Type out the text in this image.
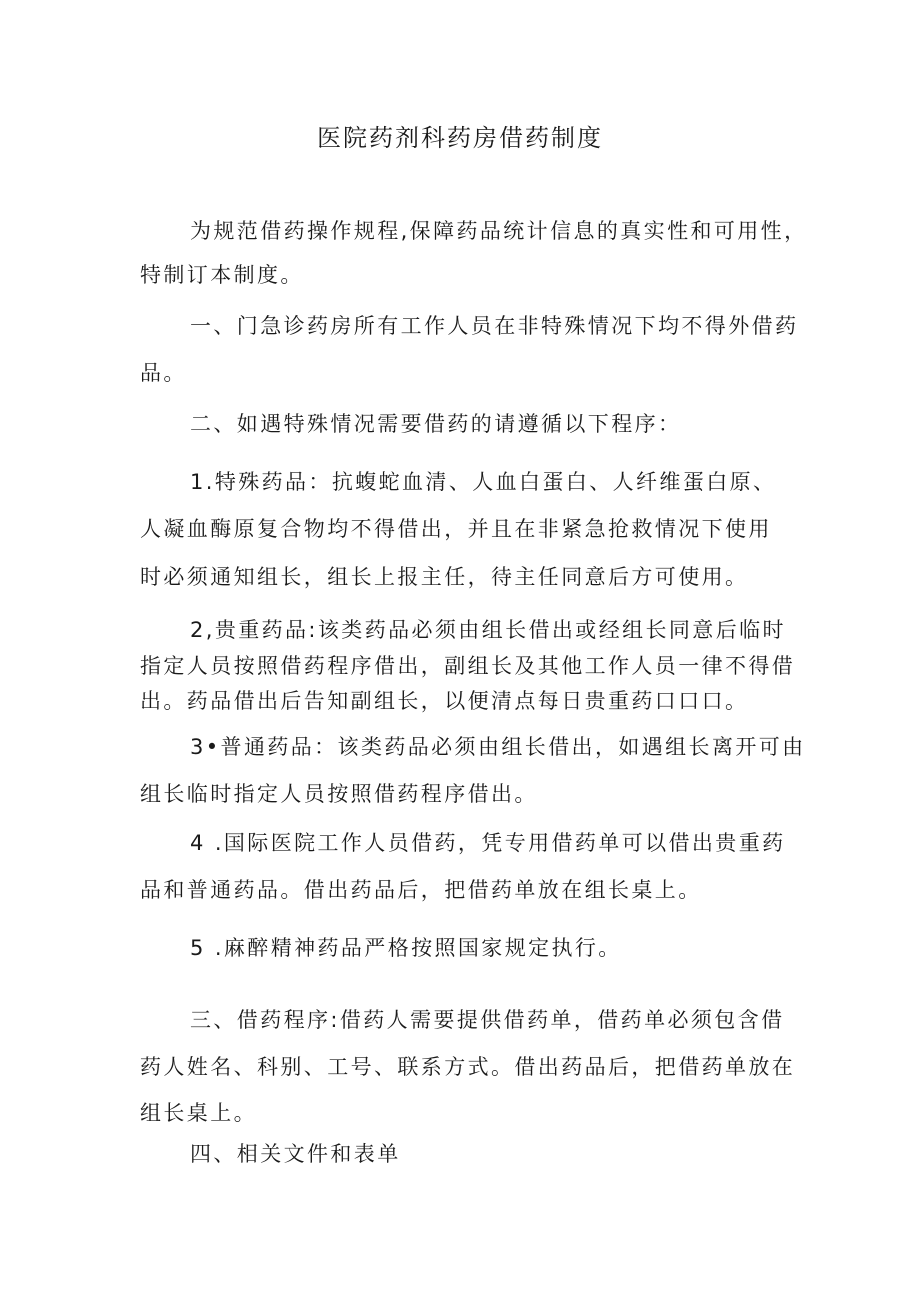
医院药剂科药房借药制度
为规范借药操作规程,保障药品统计信息的真实性和可用性，
特制订本制度。
一、门急诊药房所有工作人员在非特殊情况下均不得外借药
品。
二、如遇特殊情况需要借药的请遵循以下程序：
1.特殊药品：抗蝮蛇血清、人血白蛋白、人纤维蛋白原、
人凝血酶原复合物均不得借出，并且在非紧急抢救情况下使用
时必须通知组长，组长上报主任，待主任同意后方可使用。
2,贵重药品:该类药品必须由组长借出或经组长同意后临时
指定人员按照借药程序借出，副组长及其他工作人员一律不得借
出。药品借出后告知副组长，以便清点每日贵重药口口口。
3•普通药品：该类药品必须由组长借出，如遇组长离开可由
组长临时指定人员按照借药程序借出。
4 .国际医院工作人员借药，凭专用借药单可以借出贵重药
品和普通药品。借出药品后，把借药单放在组长桌上。
5 .麻醉精神药品严格按照国家规定执行。
三、借药程序:借药人需要提供借药单，借药单必须包含借
药人姓名、科别、工号、联系方式。借出药品后，把借药单放在
组长桌上。
四、相关文件和表单
